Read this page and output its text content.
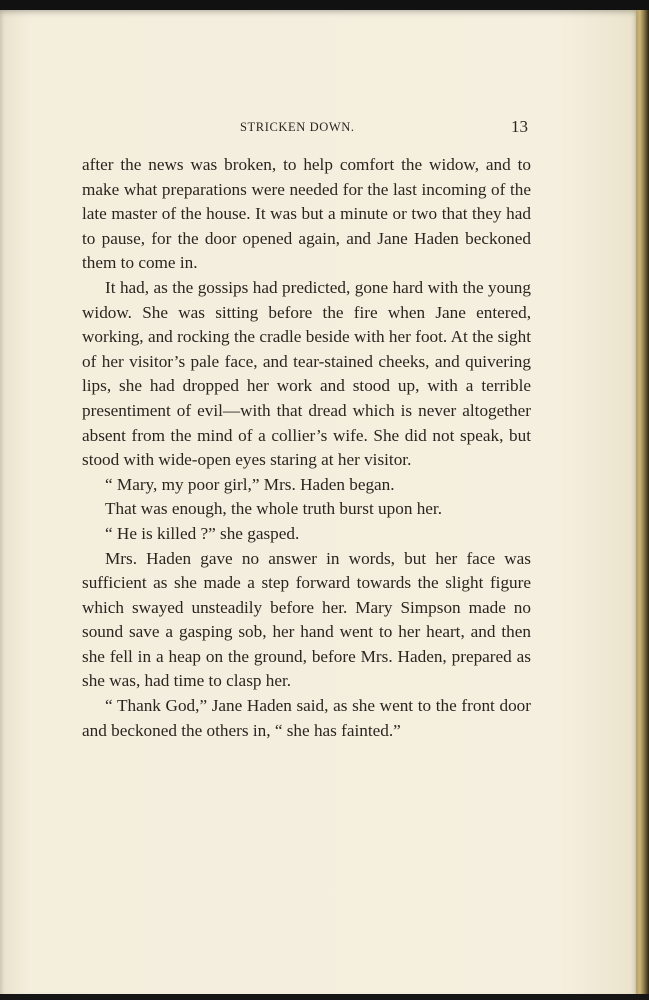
STRICKEN DOWN.	13

after the news was broken, to help comfort the widow, and to make what preparations were needed for the last incoming of the late master of the house. It was but a minute or two that they had to pause, for the door opened again, and Jane Haden beckoned them to come in.

It had, as the gossips had predicted, gone hard with the young widow. She was sitting before the fire when Jane entered, working, and rocking the cradle beside with her foot. At the sight of her visitor’s pale face, and tear-stained cheeks, and quivering lips, she had dropped her work and stood up, with a terrible presentiment of evil—with that dread which is never altogether absent from the mind of a collier’s wife. She did not speak, but stood with wide-open eyes staring at her visitor.

“ Mary, my poor girl,” Mrs. Haden began.

That was enough, the whole truth burst upon her.

“ He is killed ?” she gasped.

Mrs. Haden gave no answer in words, but her face was sufficient as she made a step forward towards the slight figure which swayed unsteadily before her. Mary Simpson made no sound save a gasping sob, her hand went to her heart, and then she fell in a heap on the ground, before Mrs. Haden, prepared as she was, had time to clasp her.

“ Thank God,” Jane Haden said, as she went to the front door and beckoned the others in, “ she has fainted.”
